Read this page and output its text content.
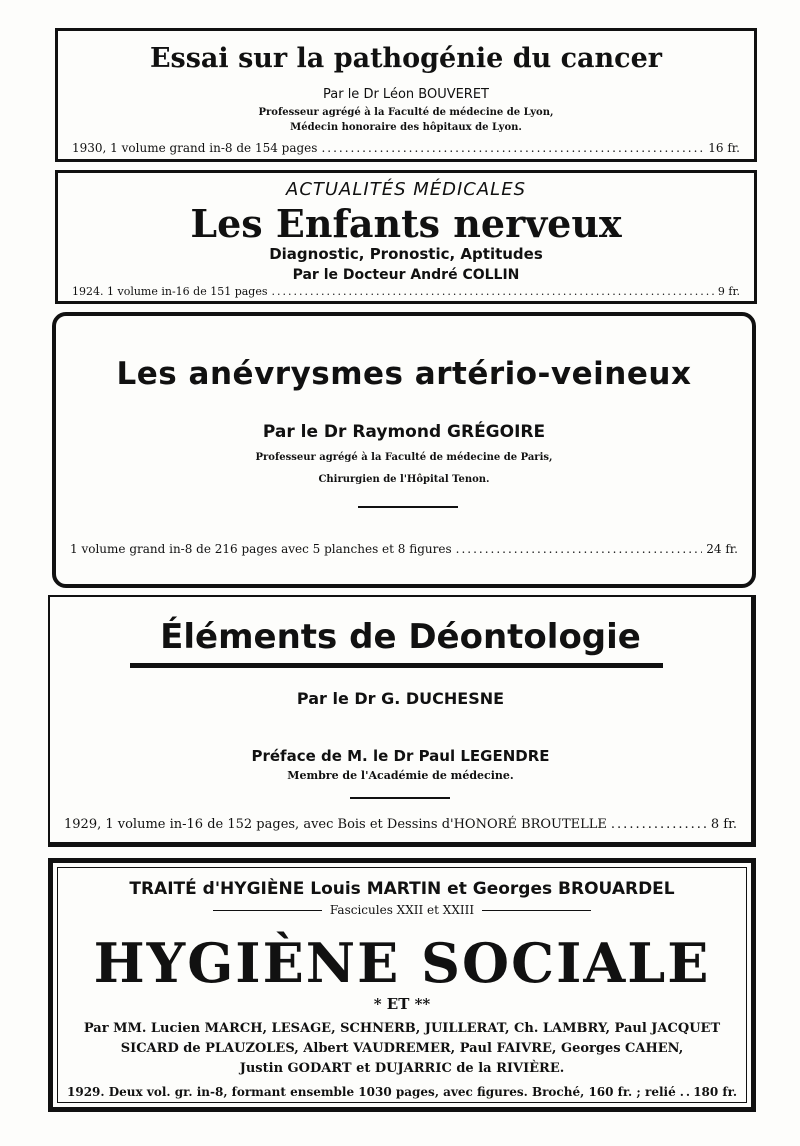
Essai sur la pathogénie du cancer
Par le Dr Léon BOUVERET
Professeur agrégé à la Faculté de médecine de Lyon,
Médecin honoraire des hôpitaux de Lyon.
1930, 1 volume grand in-8 de 154 pages .....	16 fr.
ACTUALITÉS MÉDICALES
Les Enfants nerveux
Diagnostic, Pronostic, Aptitudes
Par le Docteur André COLLIN
1924. 1 volume in-16 de 151 pages .....	9 fr.
Les anévrysmes artério-veineux
Par le Dr Raymond GRÉGOIRE
Professeur agrégé à la Faculté de médecine de Paris,
Chirurgien de l'Hôpital Tenon.
1 volume grand in-8 de 216 pages avec 5 planches et 8 figures .....	24 fr.
Éléments de Déontologie
Par le Dr G. DUCHESNE
Préface de M. le Dr Paul LEGENDRE
Membre de l'Académie de médecine.
1929, 1 volume in-16 de 152 pages, avec Bois et Dessins d'HONORÉ BROUTELLE .....	8 fr.
TRAITÉ d'HYGIÈNE Louis MARTIN et Georges BROUARDEL
Fascicules XXII et XXIII
HYGIÈNE SOCIALE
* ET **
Par MM. Lucien MARCH, LESAGE, SCHNERB, JUILLERAT, Ch. LAMBRY, Paul JACQUET
SICARD de PLAUZOLES, Albert VAUDREMER, Paul FAIVRE, Georges CAHEN,
Justin GODART et DUJARRIC de la RIVIÈRE.
1929. Deux vol. gr. in-8, formant ensemble 1030 pages, avec figures. Broché, 160 fr. ; relié ..... 180 fr.
